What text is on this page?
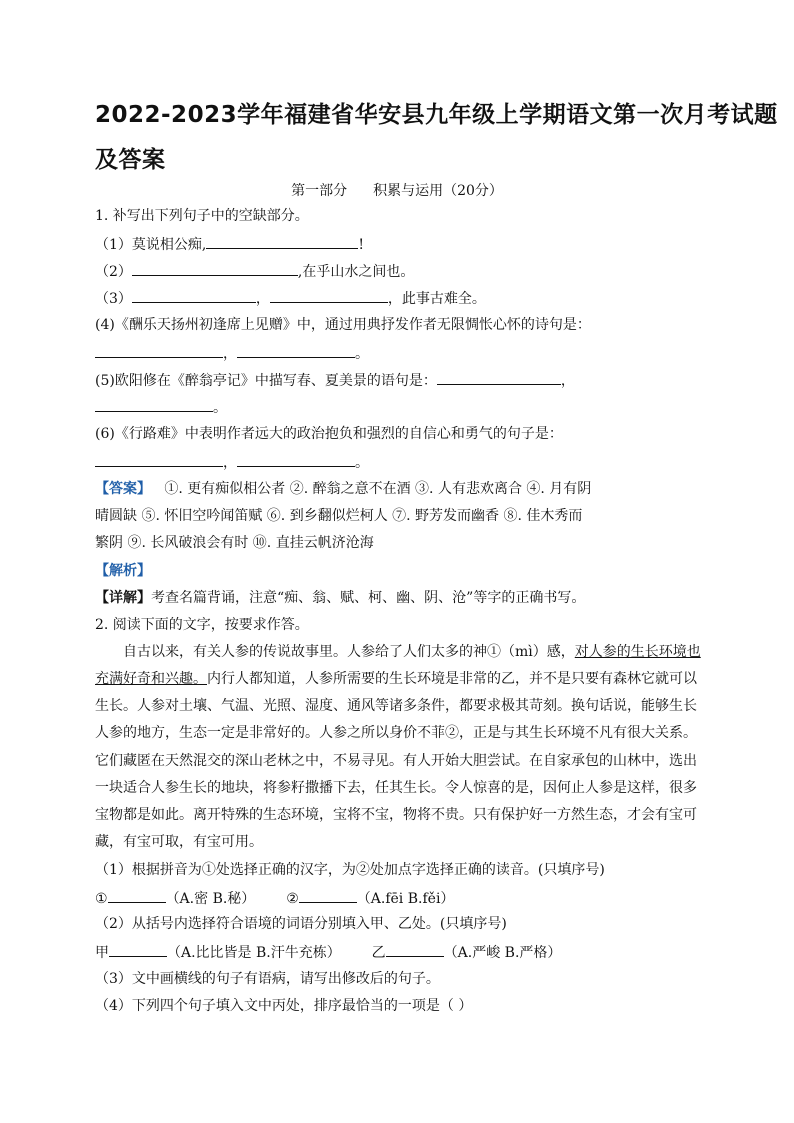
2022-2023学年福建省华安县九年级上学期语文第一次月考试题
及答案
第一部分 积累与运用（20分）
1. 补写出下列句子中的空缺部分。
（1）莫说相公痴,	!
（2）	,在乎山水之间也。
（3）	，	，此事古难全。
(4)《酬乐天扬州初逢席上见赠》中，通过用典抒发作者无限惆怅心怀的诗句是：
，	。
(5)欧阳修在《醉翁亭记》中描写春、夏美景的语句是：	，
。
(6)《行路难》中表明作者远大的政治抱负和强烈的自信心和勇气的句子是：
，	。
【答案】 ①. 更有痴似相公者 ②. 醉翁之意不在酒 ③. 人有悲欢离合 ④. 月有阴
晴圆缺 ⑤. 怀旧空吟闻笛赋 ⑥. 到乡翻似烂柯人 ⑦. 野芳发而幽香 ⑧. 佳木秀而
繁阴 ⑨. 长风破浪会有时 ⑩. 直挂云帆济沧海
【解析】
【详解】考查名篇背诵，注意“痴、翁、赋、柯、幽、阴、沧”等字的正确书写。
2. 阅读下面的文字，按要求作答。
自古以来，有关人参的传说故事里。人参给了人们太多的神①（mì）感，对人参的生长环境也
充满好奇和兴趣。内行人都知道，人参所需要的生长环境是非常的乙，并不是只要有森林它就可以
生长。人参对土壤、气温、光照、湿度、通风等诸多条件，都要求极其苛刻。换句话说，能够生长
人参的地方，生态一定是非常好的。人参之所以身价不菲②，正是与其生长环境不凡有很大关系。
它们藏匿在天然混交的深山老林之中，不易寻见。有人开始大胆尝试。在自家承包的山林中，选出
一块适合人参生长的地块，将参籽撒播下去，任其生长。令人惊喜的是，因何止人参是这样，很多
宝物都是如此。离开特殊的生态环境，宝将不宝，物将不贵。只有保护好一方然生态，才会有宝可
藏，有宝可取，有宝可用。
（1）根据拼音为①处选择正确的汉字，为②处加点字选择正确的读音。(只填序号)
①	（A.密 B.秘） ②	（A.fēi B.fěi）
（2）从括号内选择符合语境的词语分别填入甲、乙处。(只填序号)
甲	（A.比比皆是 B.汗牛充栋） 乙	（A.严峻 B.严格）
（3）文中画横线的句子有语病，请写出修改后的句子。
（4）下列四个句子填入文中丙处，排序最恰当的一项是（ ）
